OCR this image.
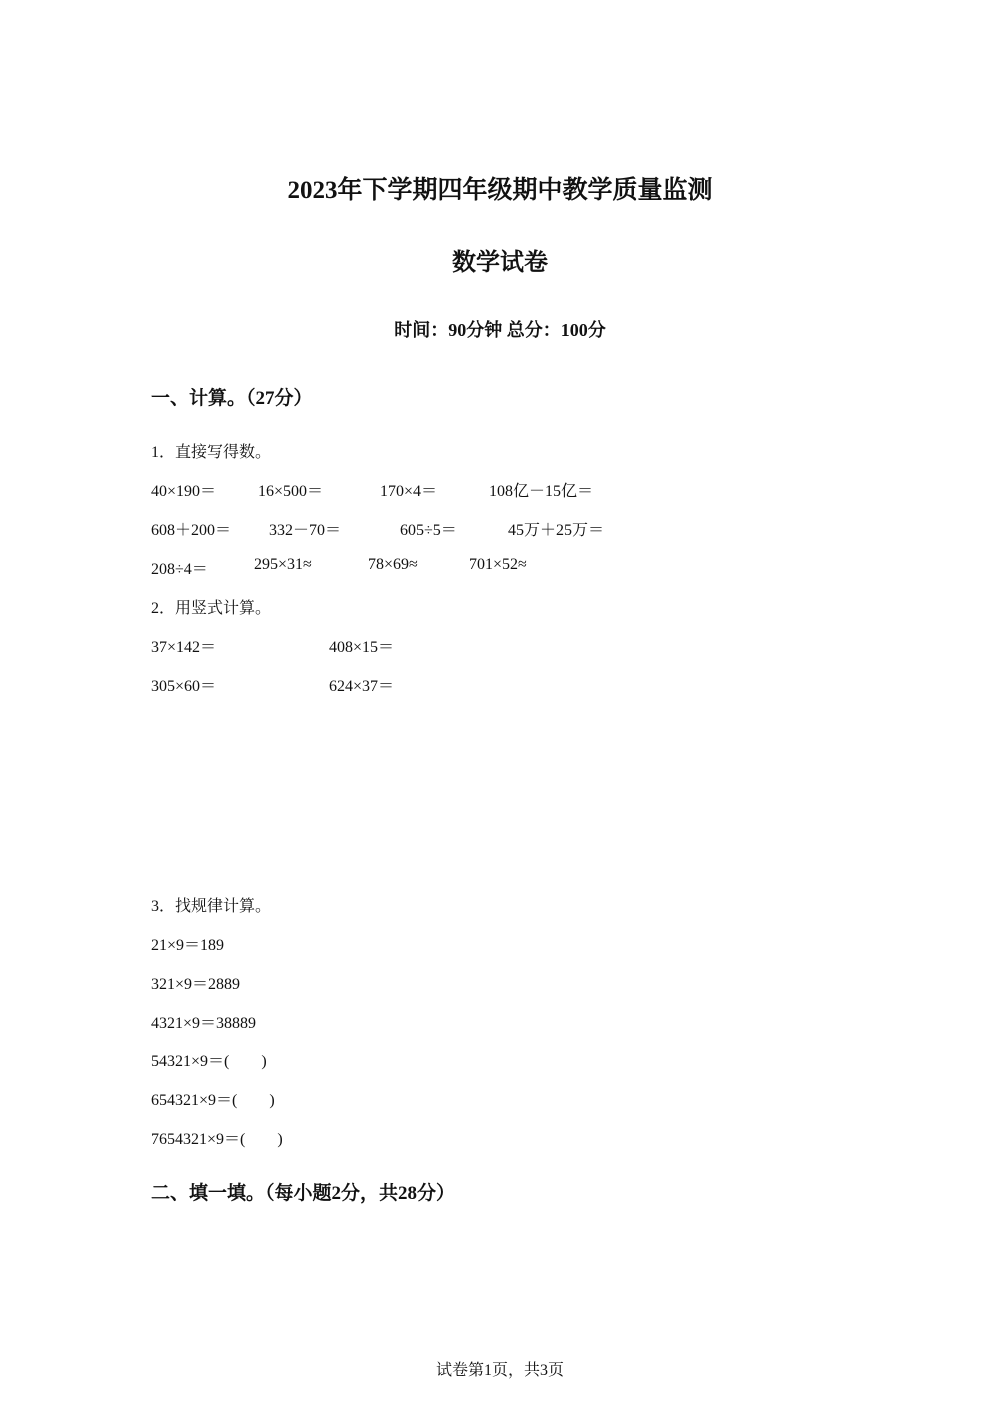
2023年下学期四年级期中教学质量监测
数学试卷
时间：90分钟 总分：100分
一、计算。（27分）
1．直接写得数。
40×190＝	16×500＝	170×4＝	108亿－15亿＝
608＋200＝ 332－70＝	605÷5＝	45万＋25万＝
208÷4＝	295×31≈	78×69≈	701×52≈
2．用竖式计算。
37×142＝	408×15＝
305×60＝	624×37＝
3．找规律计算。
21×9＝189
321×9＝2889
4321×9＝38889
54321×9＝(　　)
654321×9＝(　　)
7654321×9＝(　　)
二、填一填。（每小题2分，共28分）
试卷第1页，共3页
